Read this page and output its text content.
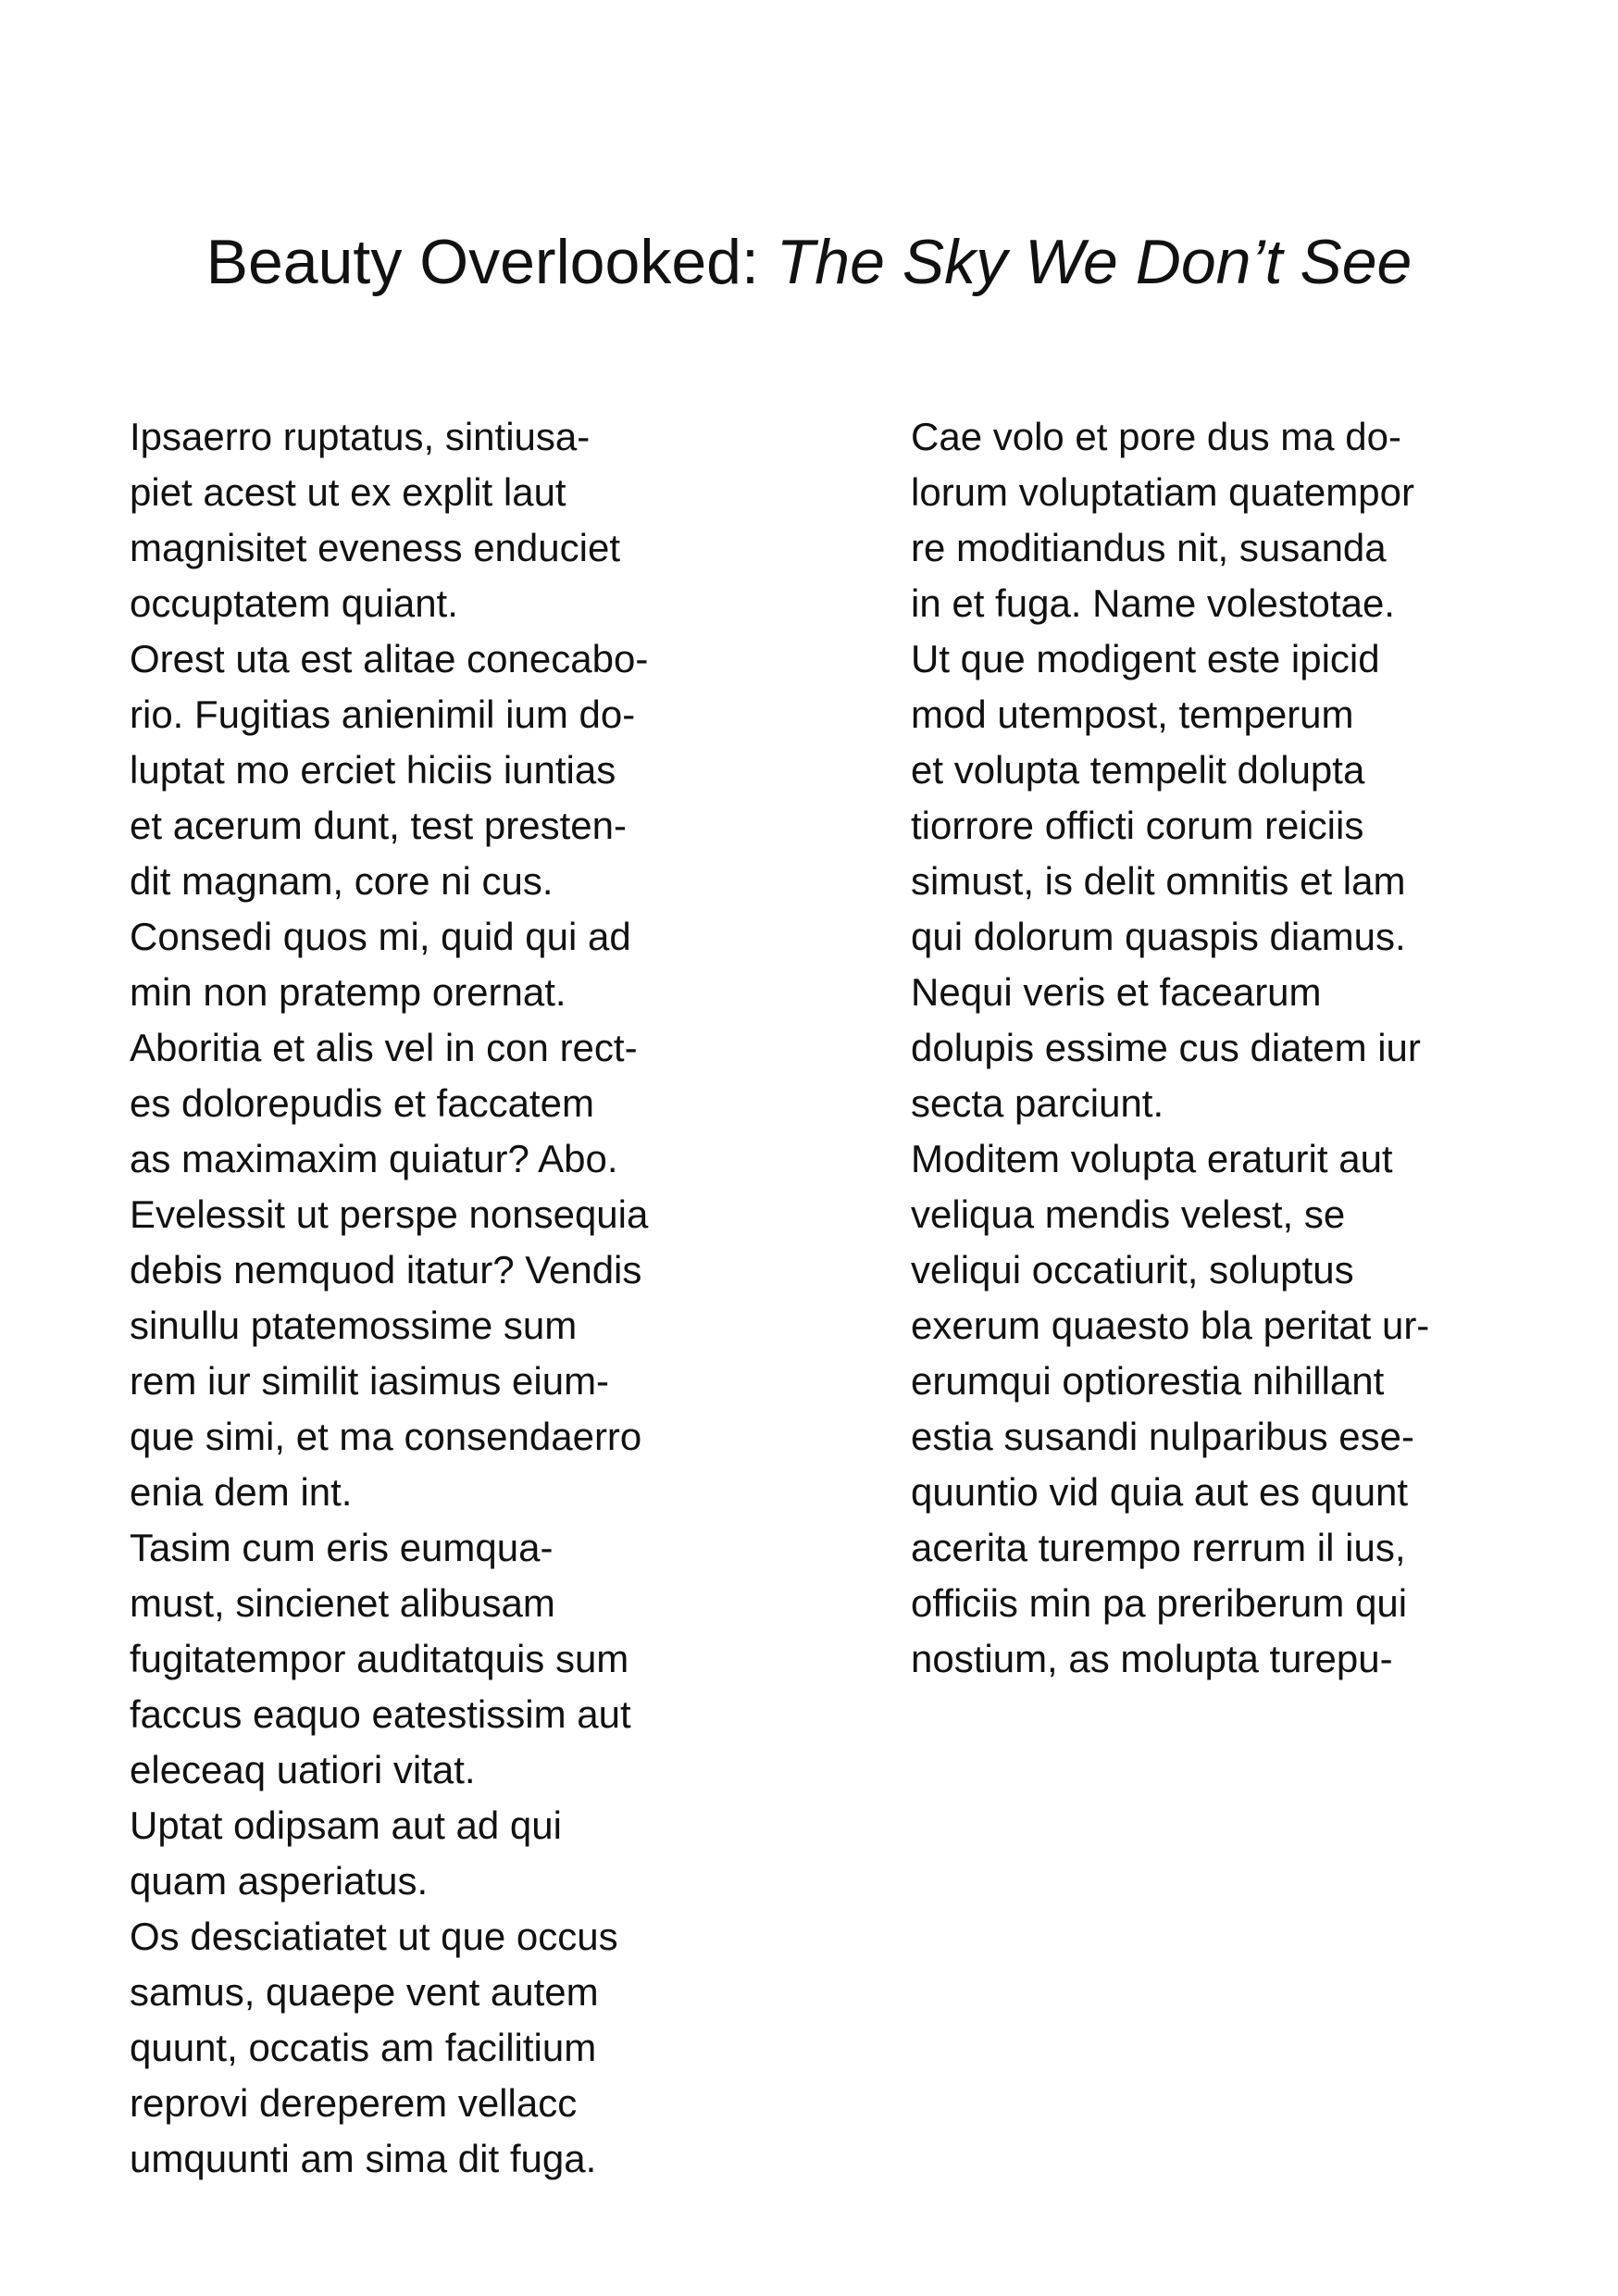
Beauty Overlooked: The Sky We Don’t See
Ipsaerro ruptatus, sintiusa-
piet acest ut ex explit laut
magnisitet eveness enduciet
occuptatem quiant.
Orest uta est alitae conecabo-
rio. Fugitias anienimil ium do-
luptat mo erciet hiciis iuntias
et acerum dunt, test presten-
dit magnam, core ni cus.
Consedi quos mi, quid qui ad
min non pratemp orernat.
Aboritia et alis vel in con rect-
es dolorepudis et faccatem
as maximaxim quiatur? Abo.
Evelessit ut perspe nonsequia
debis nemquod itatur? Vendis
sinullu ptatemossime sum
rem iur similit iasimus eium-
que simi, et ma consendaerro
enia dem int.
Tasim cum eris eumqua-
must, sincienet alibusam
fugitatempor auditatquis sum
faccus eaquo eatestissim aut
eleceaq uatiori vitat.
Uptat odipsam aut ad qui
quam asperiatus.
Os desciatiatet ut que occus
samus, quaepe vent autem
quunt, occatis am facilitium
reprovi dereperem vellacc
umquunti am sima dit fuga.
Cae volo et pore dus ma do-
lorum voluptatiam quatempor
re moditiandus nit, susanda
in et fuga. Name volestotae.
Ut que modigent este ipicid
mod utempost, temperum
et volupta tempelit dolupta
tiorrore officti corum reiciis
simust, is delit omnitis et lam
qui dolorum quaspis diamus.
Nequi veris et facearum
dolupis essime cus diatem iur
secta parciunt.
Moditem volupta eraturit aut
veliqua mendis velest, se
veliqui occatiurit, soluptus
exerum quaesto bla peritat ur-
erumqui optiorestia nihillant
estia susandi nulparibus ese-
quuntio vid quia aut es quunt
acerita turempo rerrum il ius,
officiis min pa preriberum qui
nostium, as molupta turepu-
